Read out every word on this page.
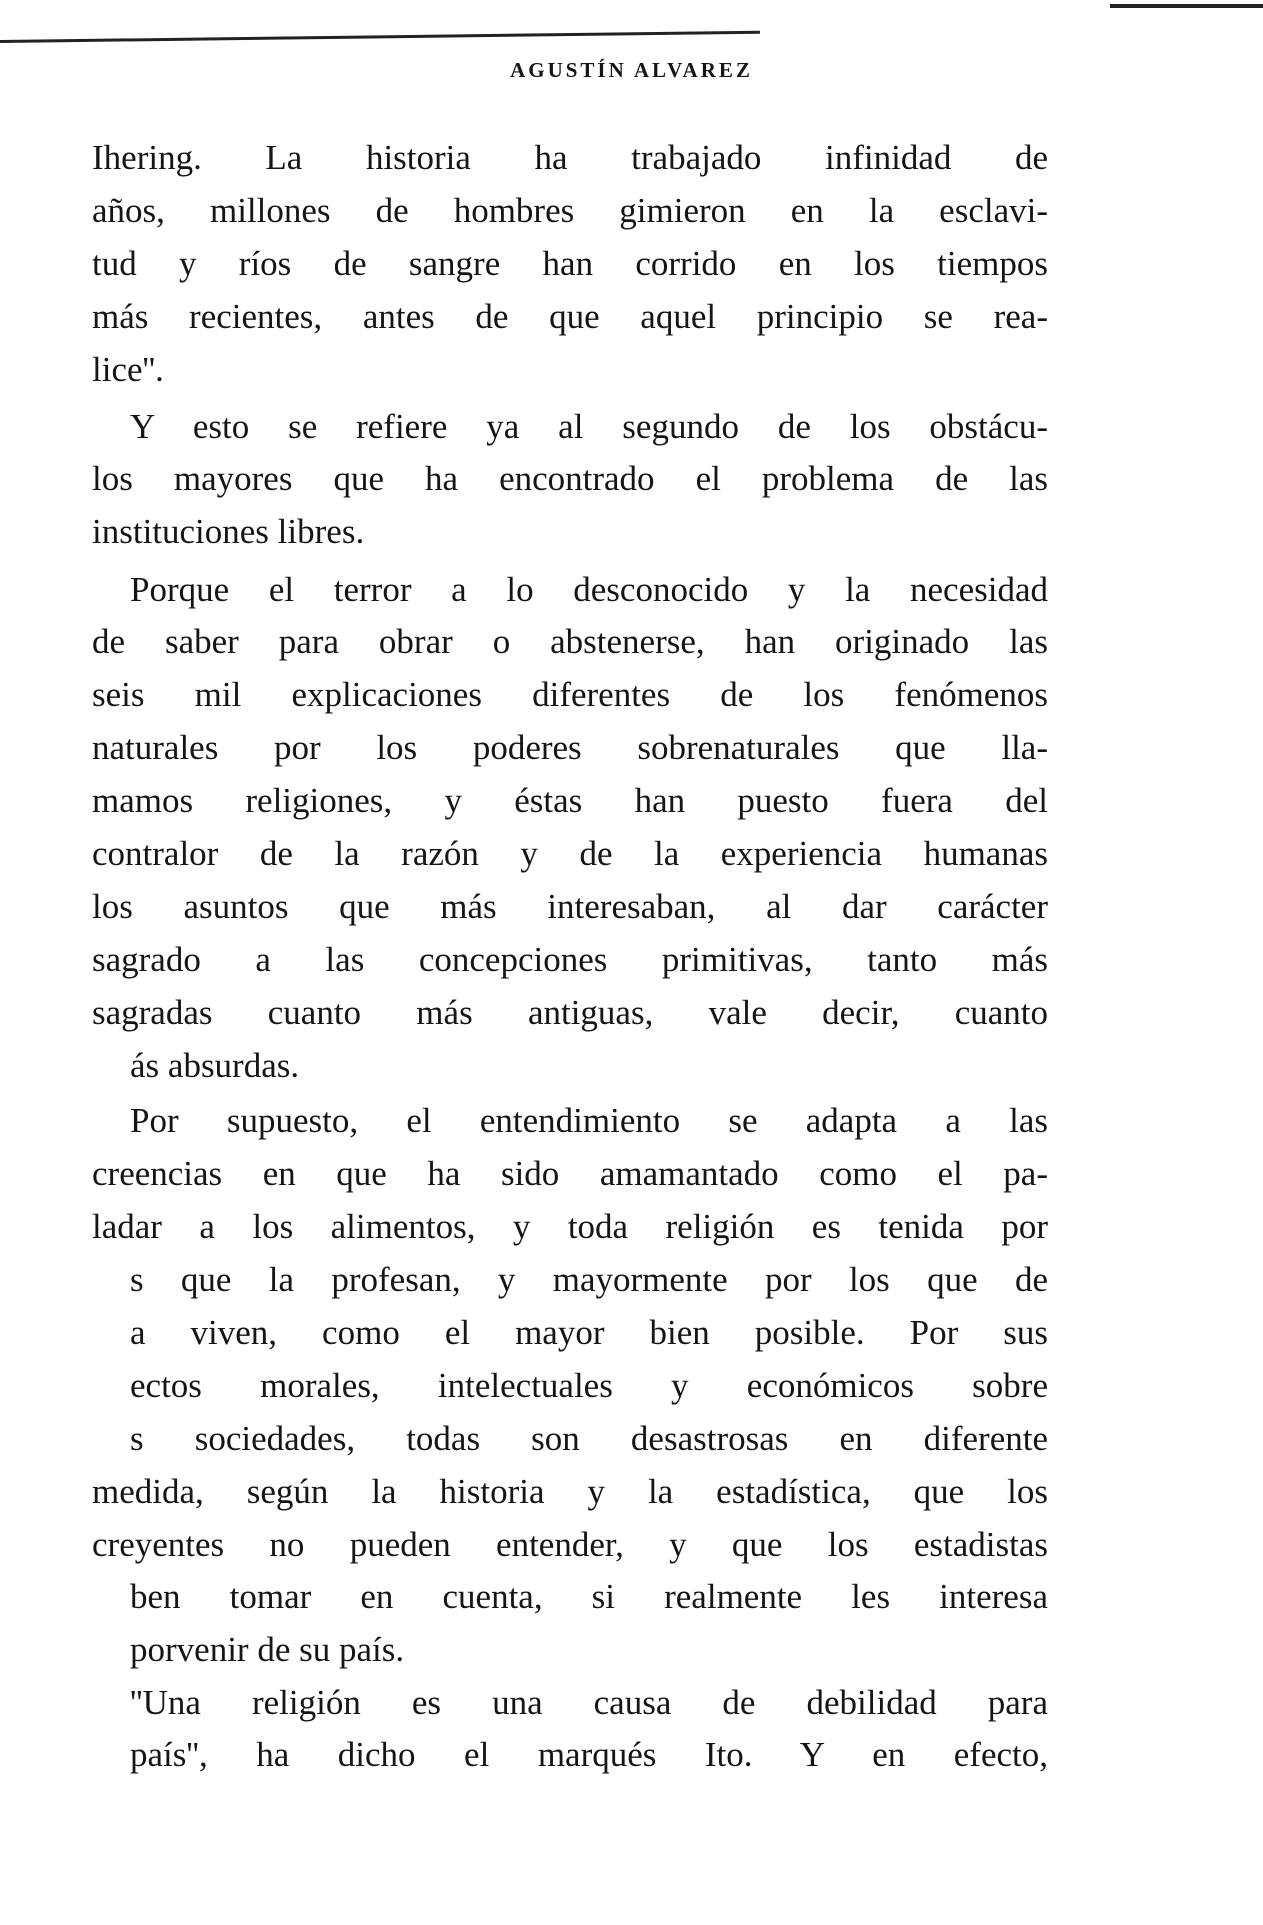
AGUSTÍN ALVAREZ
Ihering. La historia ha trabajado infinidad de
años, millones de hombres gimieron en la esclavi-
tud y ríos de sangre han corrido en los tiempos
más recientes, antes de que aquel principio se rea-
lice''.
Y esto se refiere ya al segundo de los obstácu-
los mayores que ha encontrado el problema de las
instituciones libres.
Porque el terror a lo desconocido y la necesidad
de saber para obrar o abstenerse, han originado las
seis mil explicaciones diferentes de los fenómenos
naturales por los poderes sobrenaturales que lla-
mamos religiones, y éstas han puesto fuera del
contralor de la razón y de la experiencia humanas
los asuntos que más interesaban, al dar carácter
sagrado a las concepciones primitivas, tanto más
sagradas cuanto más antiguas, vale decir, cuanto
ás absurdas.
Por supuesto, el entendimiento se adapta a las
creencias en que ha sido amamantado como el pa-
ladar a los alimentos, y toda religión es tenida por
s que la profesan, y mayormente por los que de
a viven, como el mayor bien posible. Por sus
ectos morales, intelectuales y económicos sobre
s sociedades, todas son desastrosas en diferente
medida, según la historia y la estadística, que los
creyentes no pueden entender, y que los estadistas
ben tomar en cuenta, si realmente les interesa
porvenir de su país.
''Una religión es una causa de debilidad para
país'', ha dicho el marqués Ito. Y en efecto,
